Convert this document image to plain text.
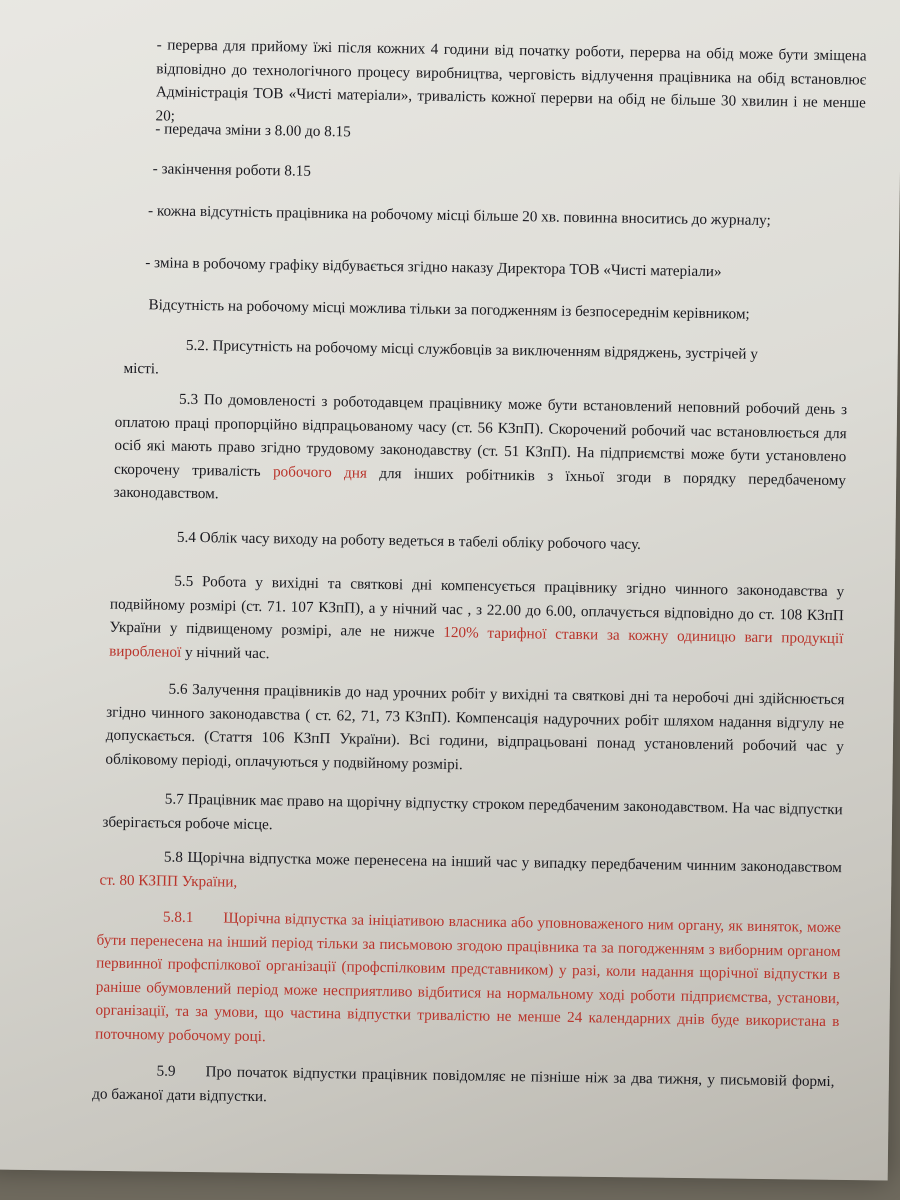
- перерва для прийому їжі після кожних 4 години від початку роботи, перерва на обід може бути зміщена відповідно до технологічного процесу виробництва, черговість відлучення працівника на обід встановлює Адміністрація ТОВ «Чисті матеріали», тривалість кожної перерви на обід не більше 30 хвилин і не менше 20;

- передача зміни з 8.00 до 8.15

- закінчення роботи 8.15

- кожна відсутність працівника на робочому місці більше 20 хв. повинна вноситись до журналу;

- зміна в робочому графіку відбувається згідно наказу Директора ТОВ «Чисті матеріали»

Відсутність на робочому місці можлива тільки за погодженням із безпосереднім керівником;

5.2. Присутність на робочому місці службовців за виключенням відряджень, зустрічей у місті.

5.3 По домовленості з роботодавцем працівнику може бути встановлений неповний робочий день з оплатою праці пропорційно відпрацьованому часу (ст. 56 КЗпП). Скорочений робочий час встановлюється для осіб які мають право згідно трудовому законодавству (ст. 51 КЗпП). На підприємстві може бути установлено скорочену тривалість робочого дня для інших робітників з їхньої згоди в порядку передбаченому законодавством.

5.4 Облік часу виходу на роботу ведеться в табелі обліку робочого часу.

5.5 Робота у вихідні та святкові дні компенсується працівнику згідно чинного законодавства у подвійному розмірі (ст. 71. 107 КЗпП), а у нічний час , з 22.00 до 6.00, оплачується відповідно до ст. 108 КЗпП України у підвищеному розмірі, але не нижче 120% тарифної ставки за кожну одиницю ваги продукції виробленої у нічний час.

5.6 Залучення працівників до над урочних робіт у вихідні та святкові дні та неробочі дні здійснюється згідно чинного законодавства ( ст. 62, 71, 73 КЗпП). Компенсація надурочних робіт шляхом надання відгулу не допускається. (Стаття 106 КЗпП України). Всі години, відпрацьовані понад установлений робочий час у обліковому періоді, оплачуються у подвійному розмірі.

5.7 Працівник має право на щорічну відпустку строком передбаченим законодавством. На час відпустки зберігається робоче місце.

5.8 Щорічна відпустка може перенесена на інший час у випадку передбаченим чинним законодавством ст. 80 КЗПП України,

5.8.1 Щорічна відпустка за ініціативою власника або уповноваженого ним органу, як виняток, може бути перенесена на інший період тільки за письмовою згодою працівника та за погодженням з виборним органом первинної профспілкової організації (профспілковим представником) у разі, коли надання щорічної відпустки в раніше обумовлений період може несприятливо відбитися на нормальному ході роботи підприємства, установи, організації, та за умови, що частина відпустки тривалістю не менше 24 календарних днів буде використана в поточному робочому році.

5.9 Про початок відпустки працівник повідомляє не пізніше ніж за два тижня, у письмовій формі, до бажаної дати відпустки.
